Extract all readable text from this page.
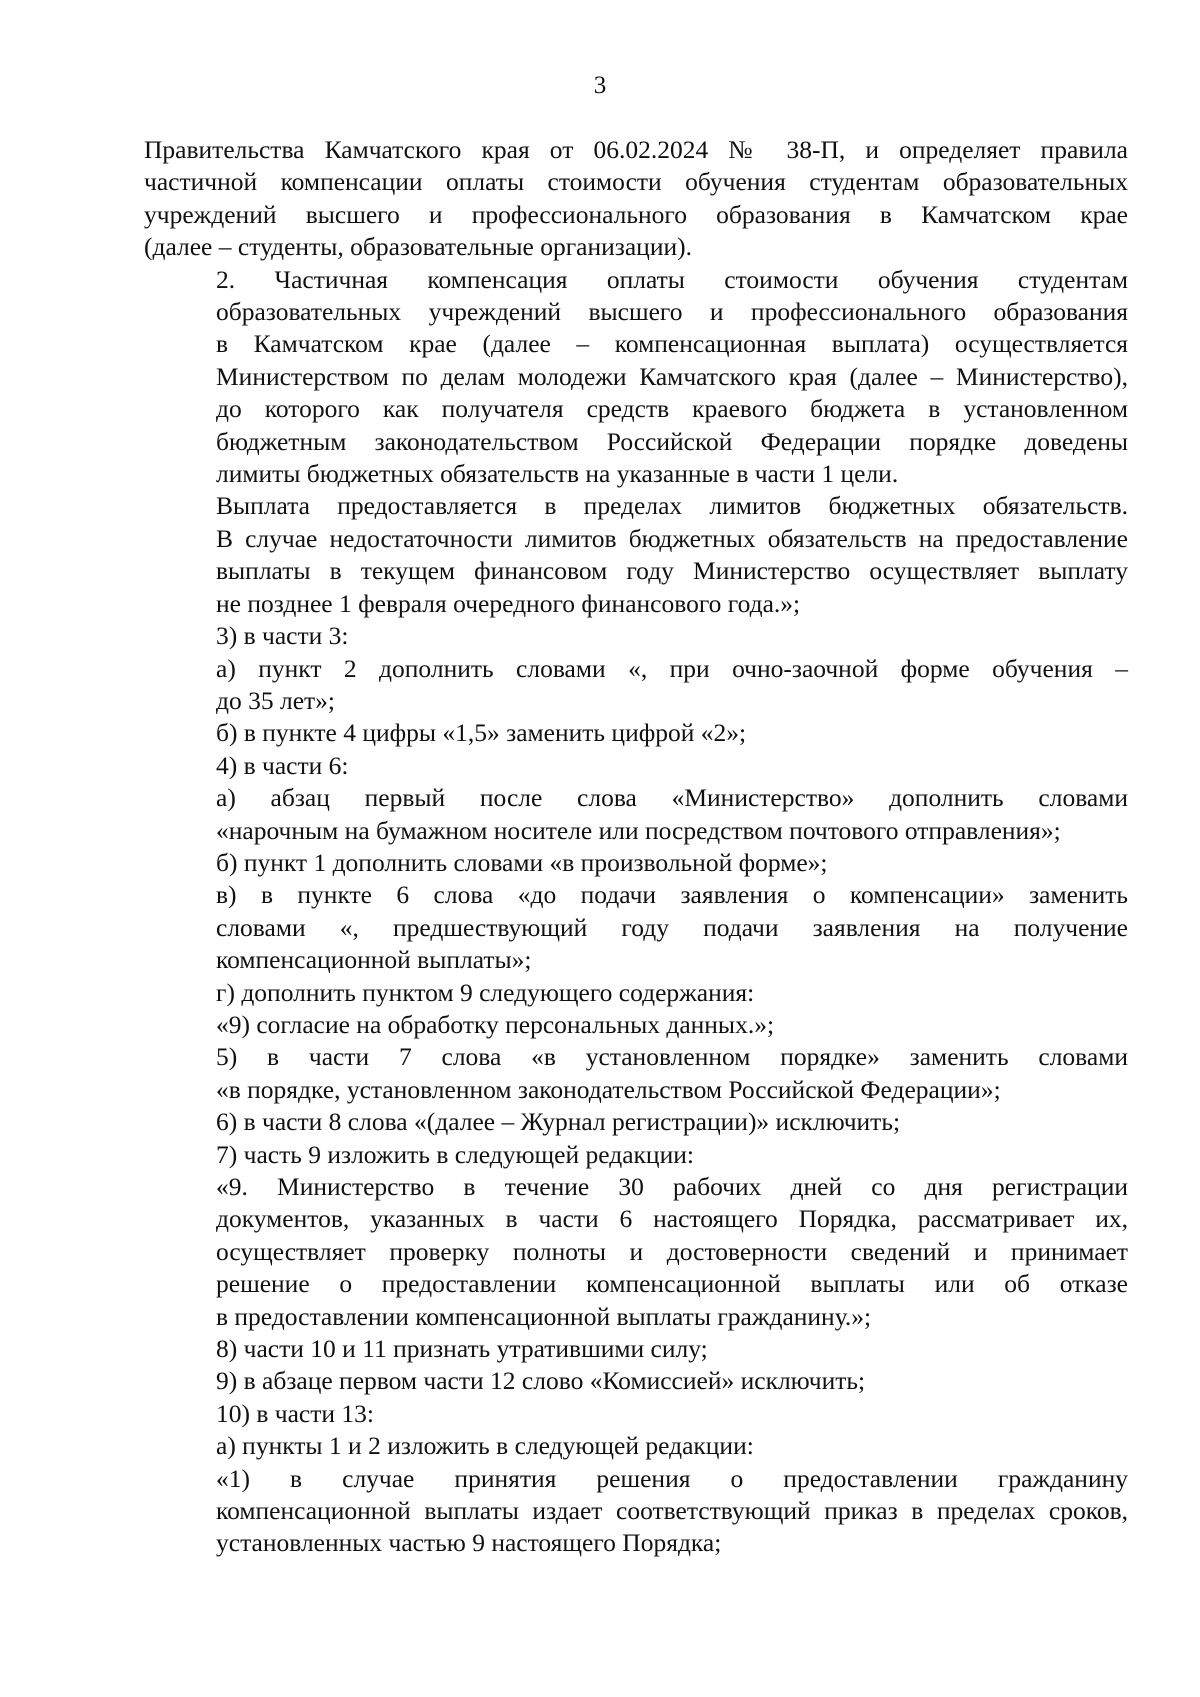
3
Правительства Камчатского края от 06.02.2024 № 38-П, и определяет правила
частичной компенсации оплаты стоимости обучения студентам образовательных
учреждений высшего и профессионального образования в Камчатском крае
(далее – студенты, образовательные организации).
2. Частичная компенсация оплаты стоимости обучения студентам
образовательных учреждений высшего и профессионального образования
в Камчатском крае (далее – компенсационная выплата) осуществляется
Министерством по делам молодежи Камчатского края (далее – Министерство),
до которого как получателя средств краевого бюджета в установленном
бюджетным законодательством Российской Федерации порядке доведены
лимиты бюджетных обязательств на указанные в части 1 цели.
Выплата предоставляется в пределах лимитов бюджетных обязательств.
В случае недостаточности лимитов бюджетных обязательств на предоставление
выплаты в текущем финансовом году Министерство осуществляет выплату
не позднее 1 февраля очередного финансового года.»;
3) в части 3:
а) пункт 2 дополнить словами «, при очно-заочной форме обучения –
до 35 лет»;
б) в пункте 4 цифры «1,5» заменить цифрой «2»;
4) в части 6:
а) абзац первый после слова «Министерство» дополнить словами
«нарочным на бумажном носителе или посредством почтового отправления»;
б) пункт 1 дополнить словами «в произвольной форме»;
в) в пункте 6 слова «до подачи заявления о компенсации» заменить
словами «, предшествующий году подачи заявления на получение
компенсационной выплаты»;
г) дополнить пунктом 9 следующего содержания:
«9) согласие на обработку персональных данных.»;
5) в части 7 слова «в установленном порядке» заменить словами
«в порядке, установленном законодательством Российской Федерации»;
6) в части 8 слова «(далее – Журнал регистрации)» исключить;
7) часть 9 изложить в следующей редакции:
«9. Министерство в течение 30 рабочих дней со дня регистрации
документов, указанных в части 6 настоящего Порядка, рассматривает их,
осуществляет проверку полноты и достоверности сведений и принимает
решение о предоставлении компенсационной выплаты или об отказе
в предоставлении компенсационной выплаты гражданину.»;
8) части 10 и 11 признать утратившими силу;
9) в абзаце первом части 12 слово «Комиссией» исключить;
10) в части 13:
а) пункты 1 и 2 изложить в следующей редакции:
«1) в случае принятия решения о предоставлении гражданину
компенсационной выплаты издает соответствующий приказ в пределах сроков,
установленных частью 9 настоящего Порядка;
